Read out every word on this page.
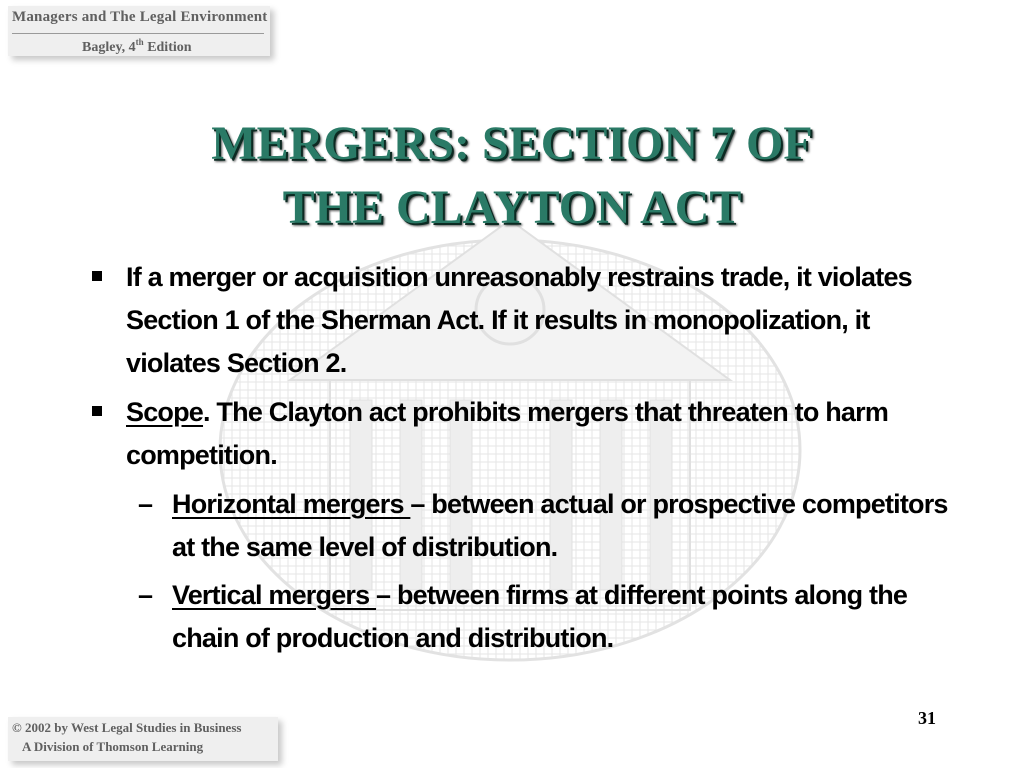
Managers and The Legal Environment
Bagley, 4th Edition
MERGERS: SECTION 7 OF
THE CLAYTON ACT
If a merger or acquisition unreasonably restrains trade, it violates Section 1 of the Sherman Act. If it results in monopolization, it violates Section 2.
Scope. The Clayton act prohibits mergers that threaten to harm competition.
– Horizontal mergers – between actual or prospective competitors at the same level of distribution.
– Vertical mergers – between firms at different points along the chain of production and distribution.
31
© 2002 by West Legal Studies in Business
A Division of Thomson Learning
